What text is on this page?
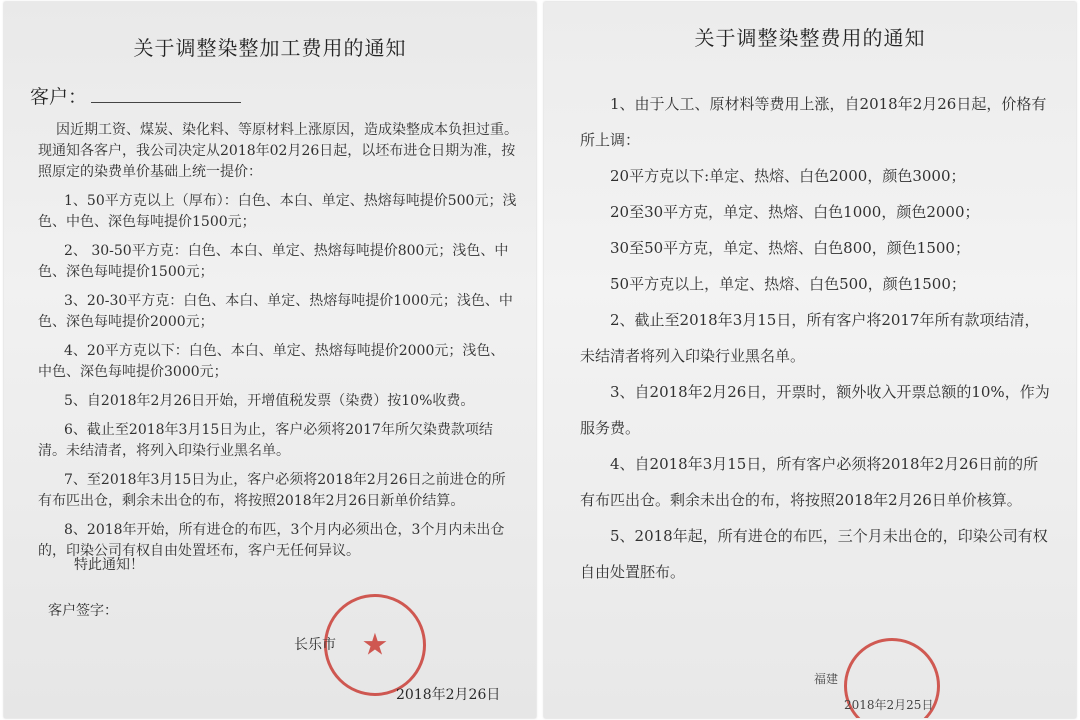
关于调整染整加工费用的通知
客户：

因近期工资、煤炭、染化料、等原材料上涨原因，造成染整成本负担过重。现通知各客户，我公司决定从2018年02月26日起，以坯布进仓日期为准，按照原定的染费单价基础上统一提价：

1、50平方克以上（厚布）：白色、本白、单定、热熔每吨提价500元；浅色、中色、深色每吨提价1500元；

2、 30-50平方克：白色、本白、单定、热熔每吨提价800元；浅色、中色、深色每吨提价1500元；

3、20-30平方克：白色、本白、单定、热熔每吨提价1000元；浅色、中色、深色每吨提价2000元；

4、20平方克以下：白色、本白、单定、热熔每吨提价2000元；浅色、中色、深色每吨提价3000元；

5、自2018年2月26日开始，开增值税发票（染费）按10%收费。

6、截止至2018年3月15日为止，客户必须将2017年所欠染费款项结清。未结清者，将列入印染行业黑名单。

7、至2018年3月15日为止，客户必须将2018年2月26日之前进仓的所有布匹出仓，剩余未出仓的布，将按照2018年2月26日新单价结算。

8、2018年开始，所有进仓的布匹，3个月内必须出仓，3个月内未出仓的，印染公司有权自由处置坯布，客户无任何异议。

特此通知！
客户签字：
★
长乐市
2018年2月26日
关于调整染整费用的通知

1、由于人工、原材料等费用上涨，自2018年2月26日起，价格有所上调：

20平方克以下:单定、热熔、白色2000，颜色3000；

20至30平方克，单定、热熔、白色1000，颜色2000；

30至50平方克，单定、热熔、白色800，颜色1500；

50平方克以上，单定、热熔、白色500，颜色1500；

2、截止至2018年3月15日，所有客户将2017年所有款项结清，未结清者将列入印染行业黑名单。

3、自2018年2月26日，开票时，额外收入开票总额的10%，作为服务费。

4、自2018年3月15日，所有客户必须将2018年2月26日前的所有布匹出仓。剩余未出仓的布，将按照2018年2月26日单价核算。

5、2018年起，所有进仓的布匹，三个月未出仓的，印染公司有权自由处置胚布。

福建
2018年2月25日
